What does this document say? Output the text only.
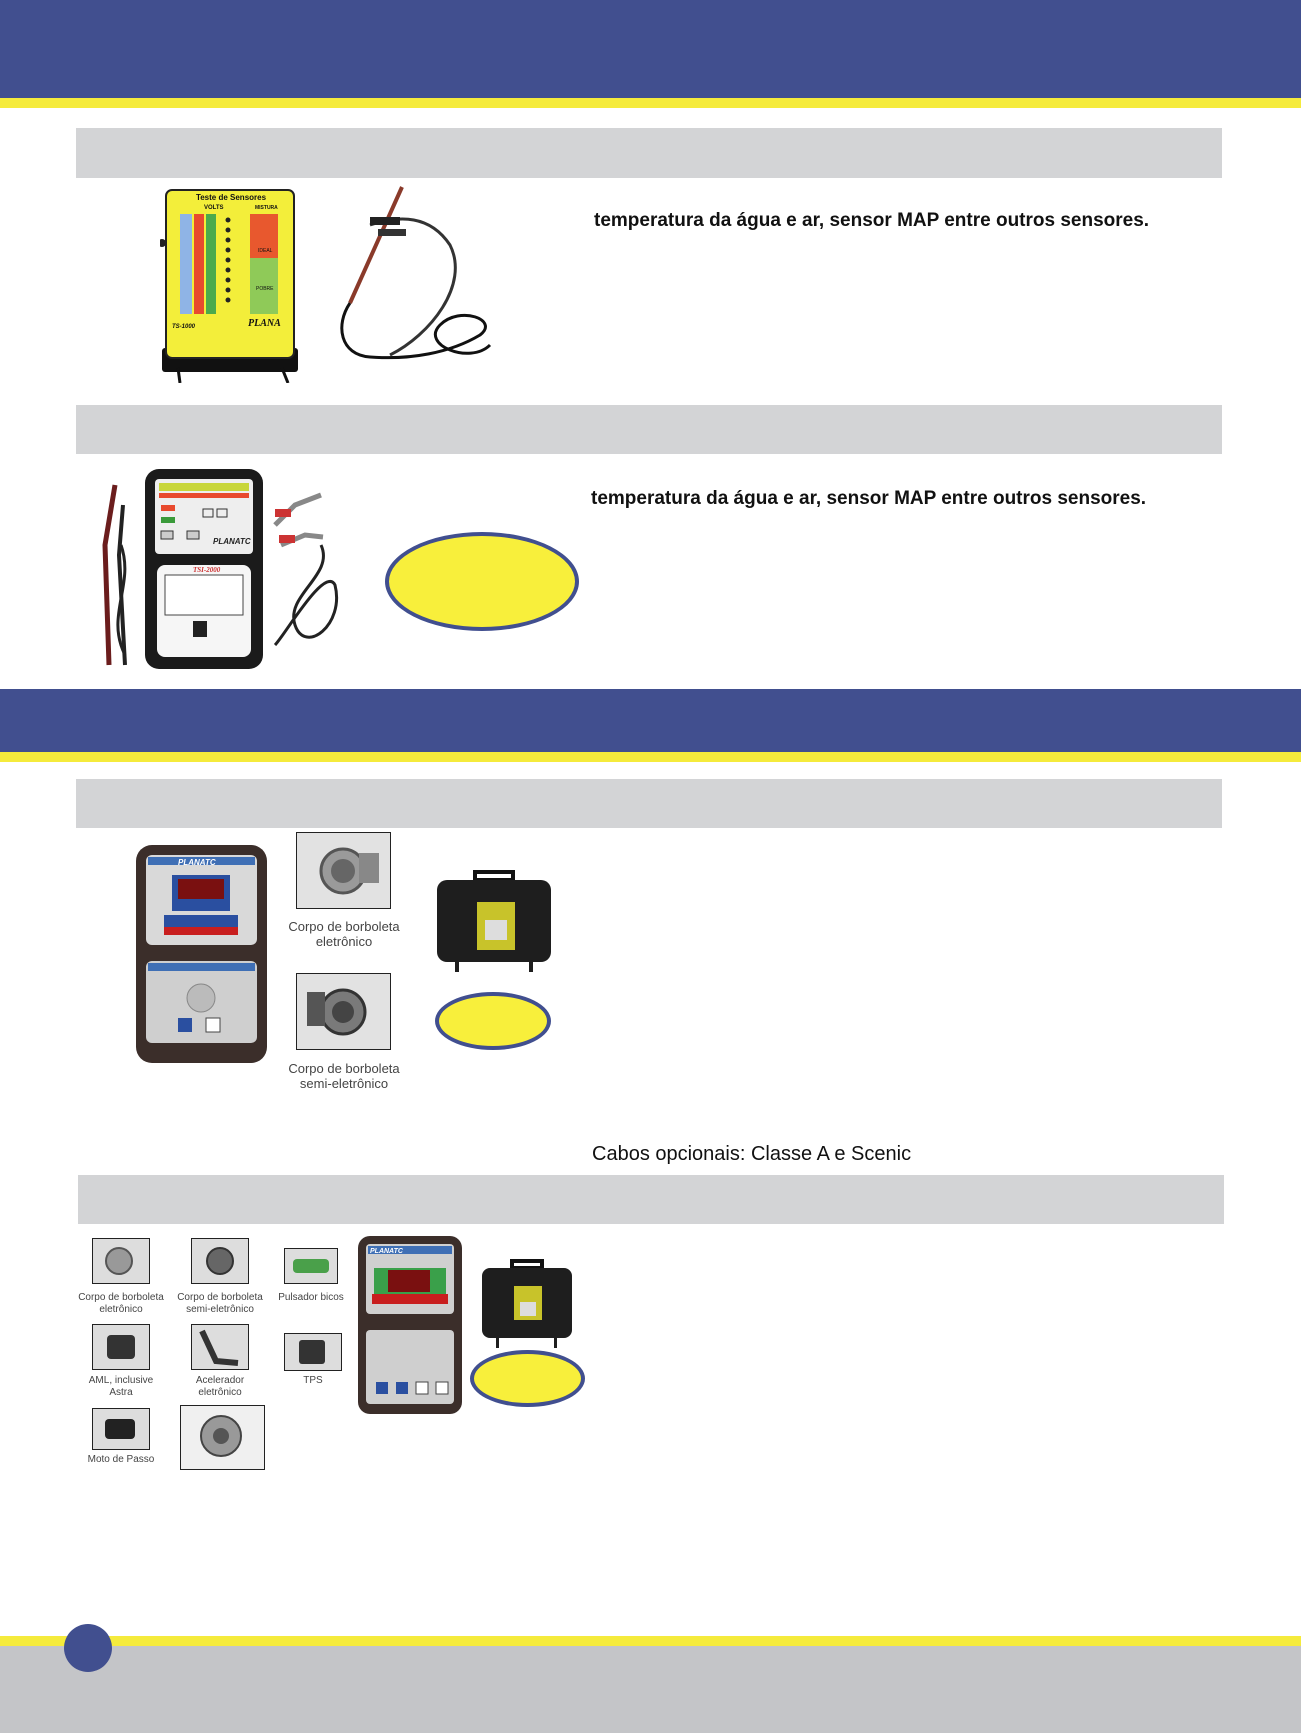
Teste de Sensores
VOLTS	MISTURA
IDEAL
POBRE
TS-1000	PLANA
temperatura da água e ar, sensor MAP entre outros sensores.
PLANATC
TSI-2000
temperatura da água e ar, sensor MAP entre outros sensores.
PLANATC
Corpo de borboleta eletrônico
Corpo de borboleta semi-eletrônico
Cabos opcionais: Classe A e Scenic
Corpo de borboleta eletrônico
Corpo de borboleta semi-eletrônico
Pulsador bicos
AML, inclusive Astra
Acelerador eletrônico
TPS
Moto de Passo
PLANATC
